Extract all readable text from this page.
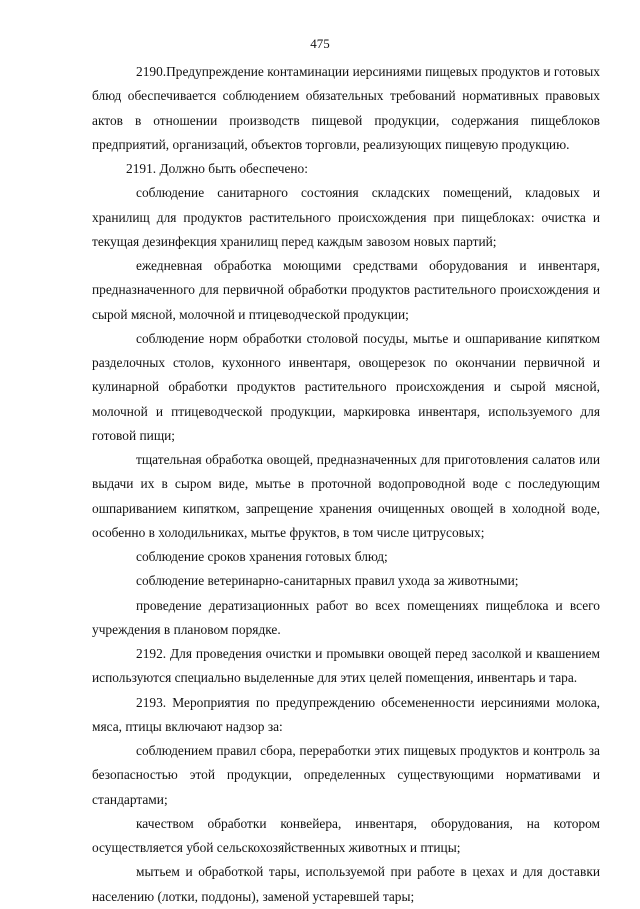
475

2190.Предупреждение контаминации иерсиниями пищевых продуктов и готовых блюд обеспечивается соблюдением обязательных требований нормативных правовых актов в отношении производств пищевой продукции, содержания пищеблоков предприятий, организаций, объектов торговли, реализующих пищевую продукцию.

2191. Должно быть обеспечено:

соблюдение санитарного состояния складских помещений, кладовых и хранилищ для продуктов растительного происхождения при пищеблоках: очистка и текущая дезинфекция хранилищ перед каждым завозом новых партий;

ежедневная обработка моющими средствами оборудования и инвентаря, предназначенного для первичной обработки продуктов растительного происхождения и сырой мясной, молочной и птицеводческой продукции;

соблюдение норм обработки столовой посуды, мытье и ошпаривание кипятком разделочных столов, кухонного инвентаря, овощерезок по окончании первичной и кулинарной обработки продуктов растительного происхождения и сырой мясной, молочной и птицеводческой продукции, маркировка инвентаря, используемого для готовой пищи;

тщательная обработка овощей, предназначенных для приготовления салатов или выдачи их в сыром виде, мытье в проточной водопроводной воде с последующим ошпариванием кипятком, запрещение хранения очищенных овощей в холодной воде, особенно в холодильниках, мытье фруктов, в том числе цитрусовых;

соблюдение сроков хранения готовых блюд;

соблюдение ветеринарно-санитарных правил ухода за животными;

проведение дератизационных работ во всех помещениях пищеблока и всего учреждения в плановом порядке.

2192. Для проведения очистки и промывки овощей перед засолкой и квашением используются специально выделенные для этих целей помещения, инвентарь и тара.

2193. Мероприятия по предупреждению обсемененности иерсиниями молока, мяса, птицы включают надзор за:

соблюдением правил сбора, переработки этих пищевых продуктов и контроль за безопасностью этой продукции, определенных существующими нормативами и стандартами;

качеством обработки конвейера, инвентаря, оборудования, на котором осуществляется убой сельскохозяйственных животных и птицы;

мытьем и обработкой тары, используемой при работе в цехах и для доставки населению (лотки, поддоны), заменой устаревшей тары;
